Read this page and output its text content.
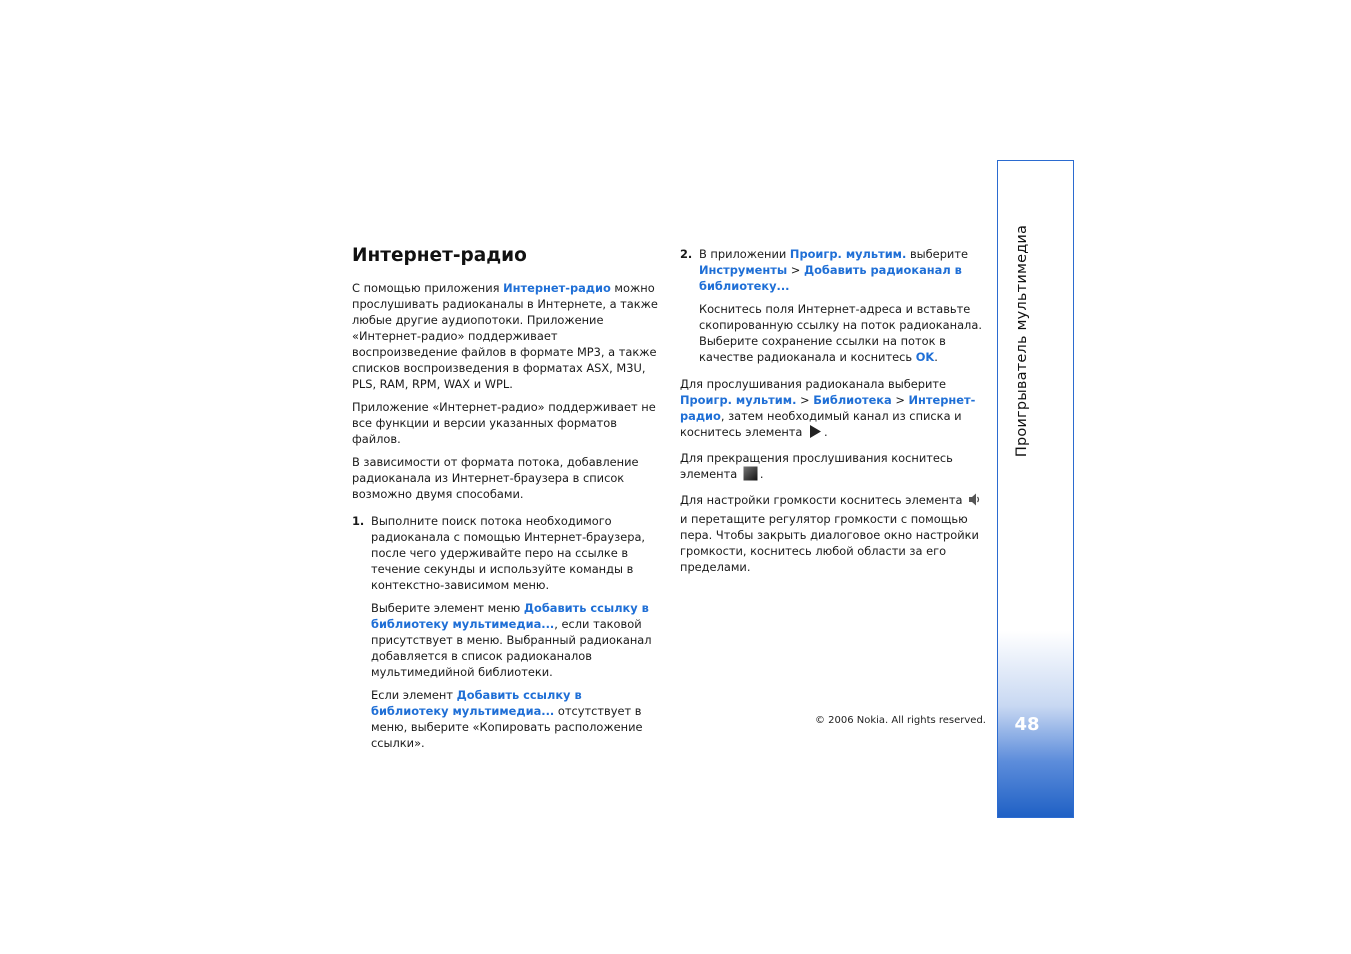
Интернет-радио

С помощью приложения Интернет-радио можно прослушивать радиоканалы в Интернете, а также любые другие аудиопотоки. Приложение «Интернет-радио» поддерживает воспроизведение файлов в формате MP3, а также списков воспроизведения в форматах ASX, M3U, PLS, RAM, RPM, WAX и WPL.

Приложение «Интернет-радио» поддерживает не все функции и версии указанных форматов файлов.

В зависимости от формата потока, добавление радиоканала из Интернет-браузера в список возможно двумя способами.

1. Выполните поиск потока необходимого радиоканала с помощью Интернет-браузера, после чего удерживайте перо на ссылке в течение секунды и используйте команды в контекстно-зависимом меню.

Выберите элемент меню Добавить ссылку в библиотеку мультимедиа..., если таковой присутствует в меню. Выбранный радиоканал добавляется в список радиоканалов мультимедийной библиотеки.

Если элемент Добавить ссылку в библиотеку мультимедиа... отсутствует в меню, выберите «Копировать расположение ссылки».

2. В приложении Проигр. мультим. выберите Инструменты > Добавить радиоканал в библиотеку...

Коснитесь поля Интернет-адреса и вставьте скопированную ссылку на поток радиоканала. Выберите сохранение ссылки на поток в качестве радиоканала и коснитесь OK.

Для прослушивания радиоканала выберите Проигр. мультим. > Библиотека > Интернет-радио, затем необходимый канал из списка и коснитесь элемента .

Для прекращения прослушивания коснитесь элемента .

Для настройки громкости коснитесь элемента  и перетащите регулятор громкости с помощью пера. Чтобы закрыть диалоговое окно настройки громкости, коснитесь любой области за его пределами.

© 2006 Nokia. All rights reserved.
Проигрыватель мультимедиа
48
